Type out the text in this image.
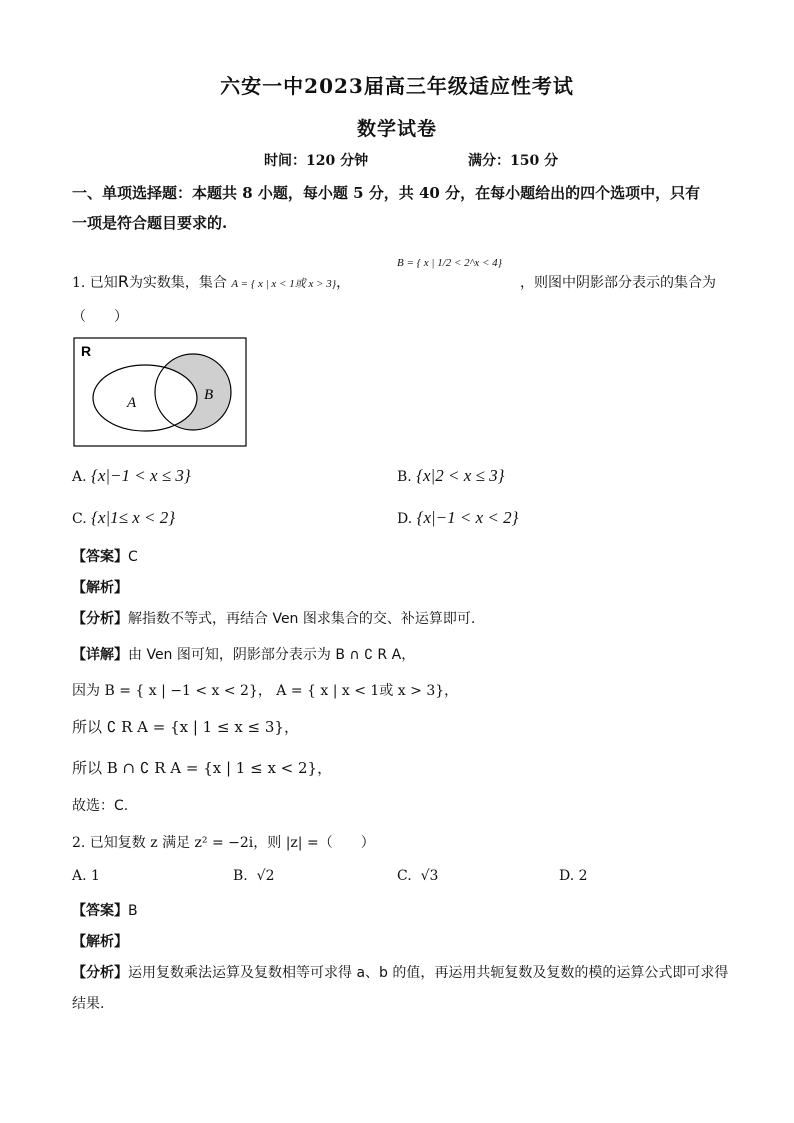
六安一中2023届高三年级适应性考试
数学试卷
时间：120 分钟	满分：150 分
一、单项选择题：本题共 8 小题，每小题 5 分，共 40 分，在每小题给出的四个选项中，只有
一项是符合题目要求的.
1. 已知R为实数集，集合 A = { x | x < 1或 x > 3}，
B = { x | 1/2 < 2^x < 4}
，则图中阴影部分表示的集合为
（　　）
R
A	B
A. {x|−1 < x ≤ 3}	B. {x|2 < x ≤ 3}
C. {x|1≤ x < 2}	D. {x|−1 < x < 2}
【答案】C
【解析】
【分析】解指数不等式，再结合 Ven 图求集合的交、补运算即可.
【详解】由 Ven 图可知，阴影部分表示为 B ∩ ∁ R A，
因为 B = { x | −1 < x < 2}， A = { x | x < 1或 x > 3}，
所以 ∁ R A = {x | 1 ≤ x ≤ 3}，
所以 B ∩ ∁ R A = {x | 1 ≤ x < 2}，
故选：C.
2. 已知复数 z 满足 z² = −2i，则 |z| =（　　）
A. 1	B. √2	C. √3	D. 2
【答案】B
【解析】
【分析】运用复数乘法运算及复数相等可求得 a、b 的值，再运用共轭复数及复数的模的运算公式即可求得
结果.
